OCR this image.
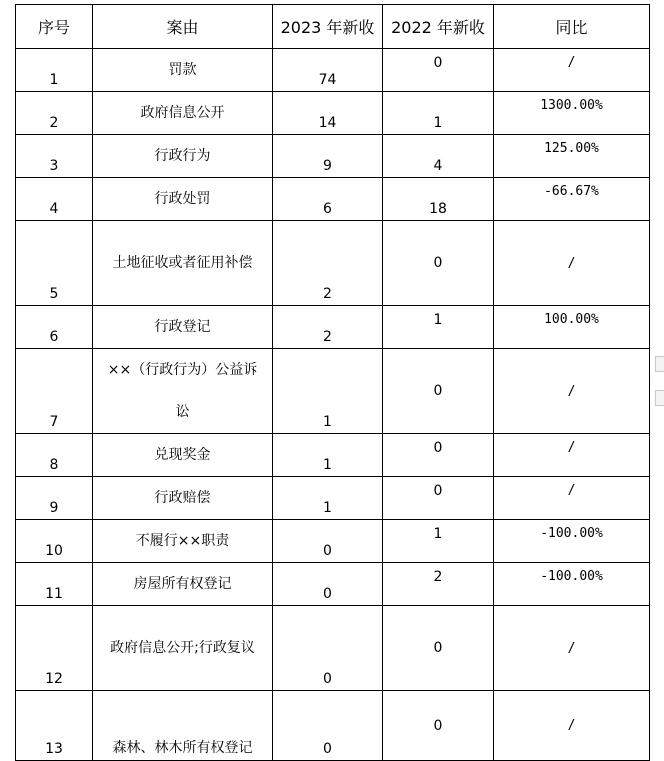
序号	案由	2023 年新收	2022 年新收	同比
1	罚款	74	0	/
2	政府信息公开	14	1	1300.00%
3	行政行为	9	4	125.00%
4	行政处罚	6	18	-66.67%
5	土地征收或者征用补偿	2	0	/
6	行政登记	2	1	100.00%
7	××（行政行为）公益诉讼	1	0	/
8	兑现奖金	1	0	/
9	行政赔偿	1	0	/
10	不履行××职责	0	1	-100.00%
11	房屋所有权登记	0	2	-100.00%
12	政府信息公开;行政复议	0	0	/
13	森林、林木所有权登记	0	0	/
